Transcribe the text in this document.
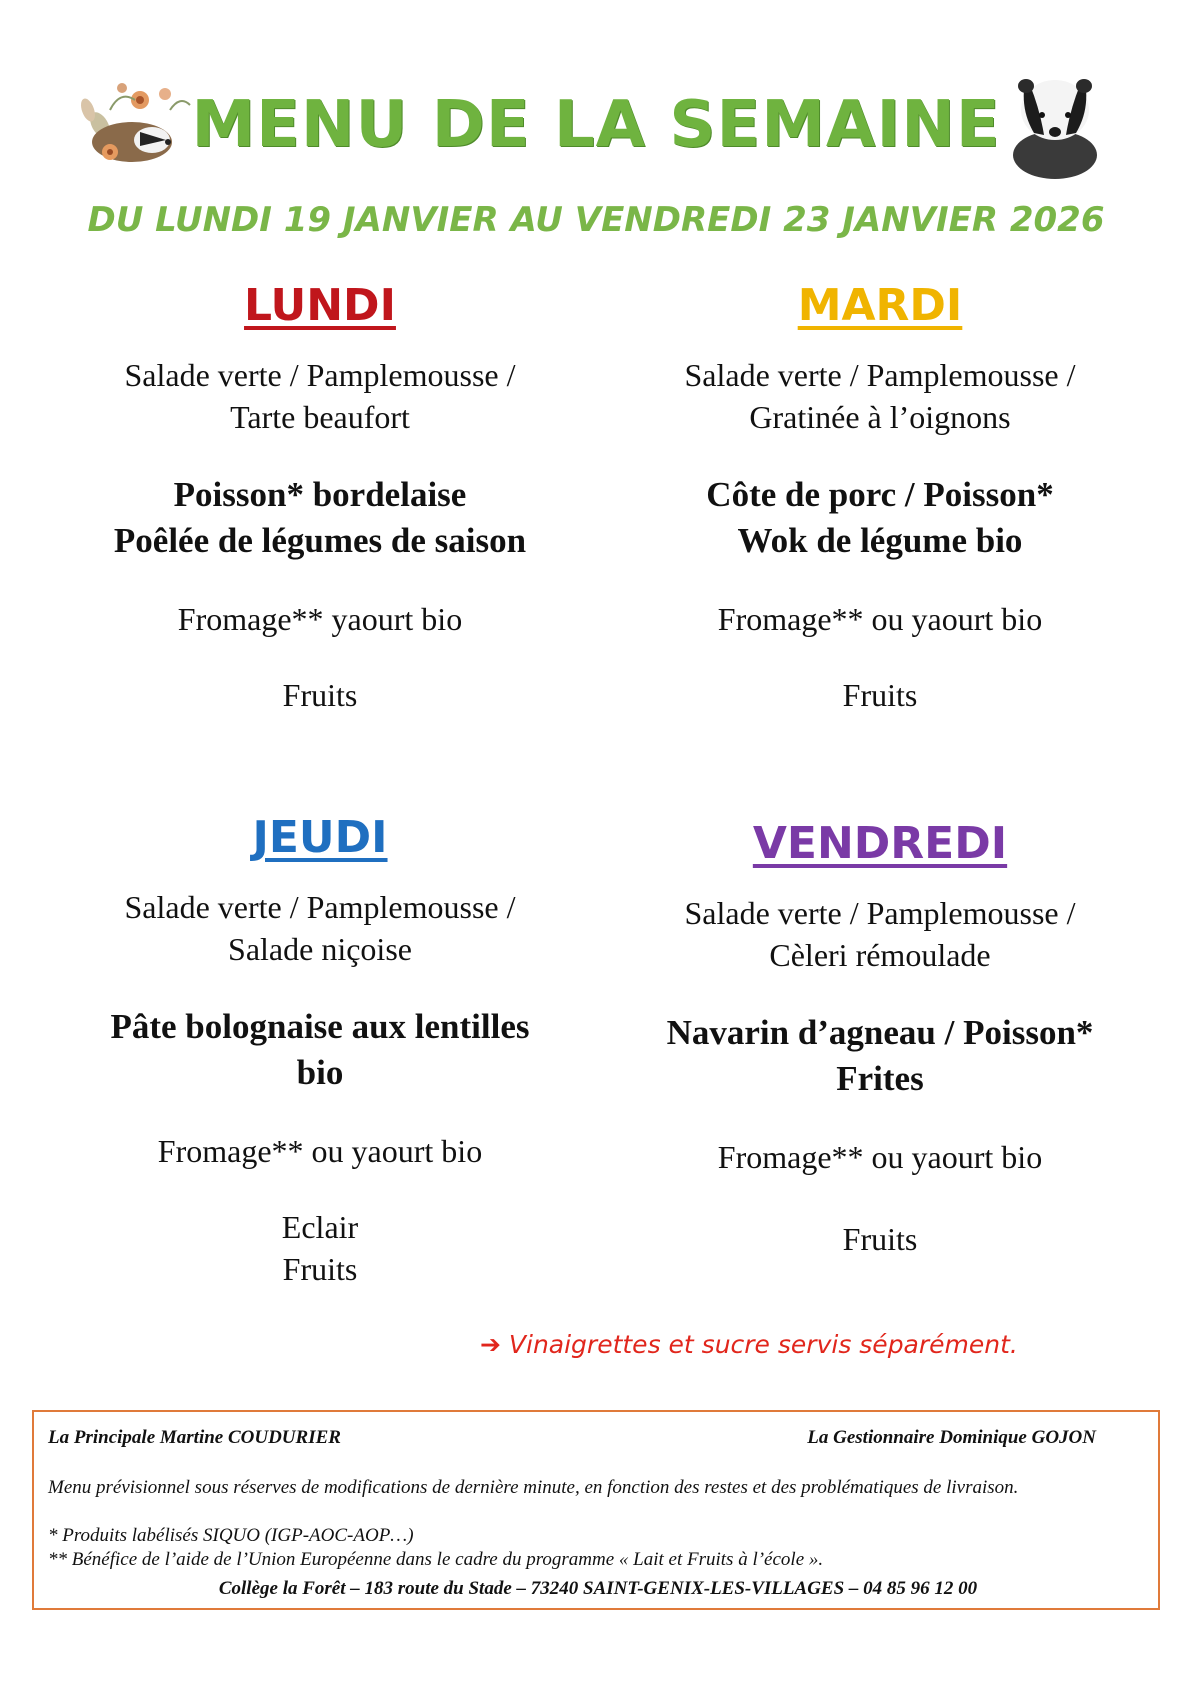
MENU DE LA SEMAINE

DU LUNDI 19 JANVIER AU VENDREDI 23 JANVIER 2026

LUNDI

Salade verte / Pamplemousse /

Tarte beaufort

Poisson* bordelaise

Poêlée de légumes de saison

Fromage** yaourt bio

Fruits

MARDI

Salade verte / Pamplemousse /

Gratinée à l’oignons

Côte de porc / Poisson*

Wok de légume bio

Fromage** ou yaourt bio

Fruits

JEUDI

Salade verte / Pamplemousse /

Salade niçoise

Pâte bolognaise aux lentilles

bio

Fromage** ou yaourt bio

Eclair

Fruits

VENDREDI

Salade verte / Pamplemousse /

Cèleri rémoulade

Navarin d’agneau / Poisson*

Frites

Fromage** ou yaourt bio

Fruits

➔ Vinaigrettes et sucre servis séparément.

La Principale Martine COUDURIER	La Gestionnaire Dominique GOJON

Menu prévisionnel sous réserves de modifications de dernière minute, en fonction des restes et des problématiques de livraison.

* Produits labélisés SIQUO (IGP-AOC-AOP…)

** Bénéfice de l’aide de l’Union Européenne dans le cadre du programme « Lait et Fruits à l’école ».

Collège la Forêt – 183 route du Stade – 73240 SAINT-GENIX-LES-VILLAGES – 04 85 96 12 00
